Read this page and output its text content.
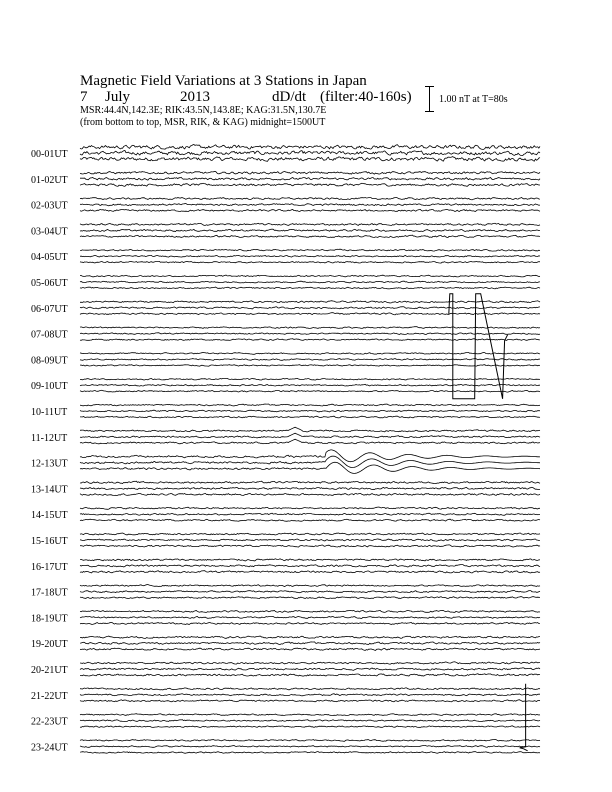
Magnetic Field Variations at 3 Stations in Japan
7 July	2013	dD/dt (filter:40-160s)
MSR:44.4N,142.3E; RIK:43.5N,143.8E; KAG:31.5N,130.7E
(from bottom to top, MSR, RIK, & KAG) midnight=1500UT
1.00 nT at T=80s
00-01UT
01-02UT
02-03UT
03-04UT
04-05UT
05-06UT
06-07UT
07-08UT
08-09UT
09-10UT
10-11UT
11-12UT
12-13UT
13-14UT
14-15UT
15-16UT
16-17UT
17-18UT
18-19UT
19-20UT
20-21UT
21-22UT
22-23UT
23-24UT
